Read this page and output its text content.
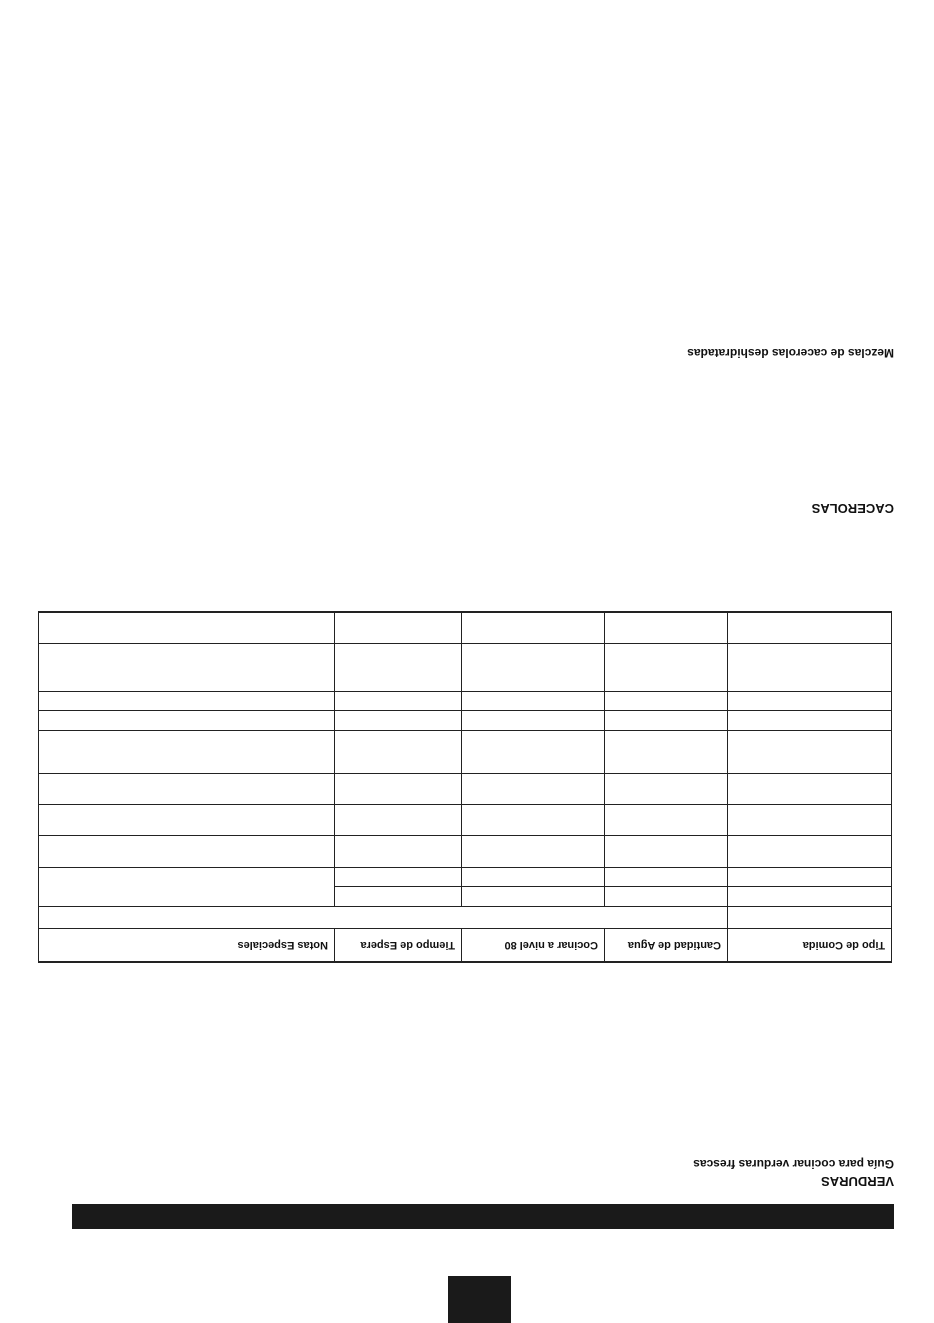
VERDURAS
Guía para cocinar verduras frescas
Tipo de Comida	Cantidad de Agua	Cocinar a nivel 80	Tiempo de Espera	Notas Especiales

CACEROLAS
Mezclas de cacerolas deshidratadas
